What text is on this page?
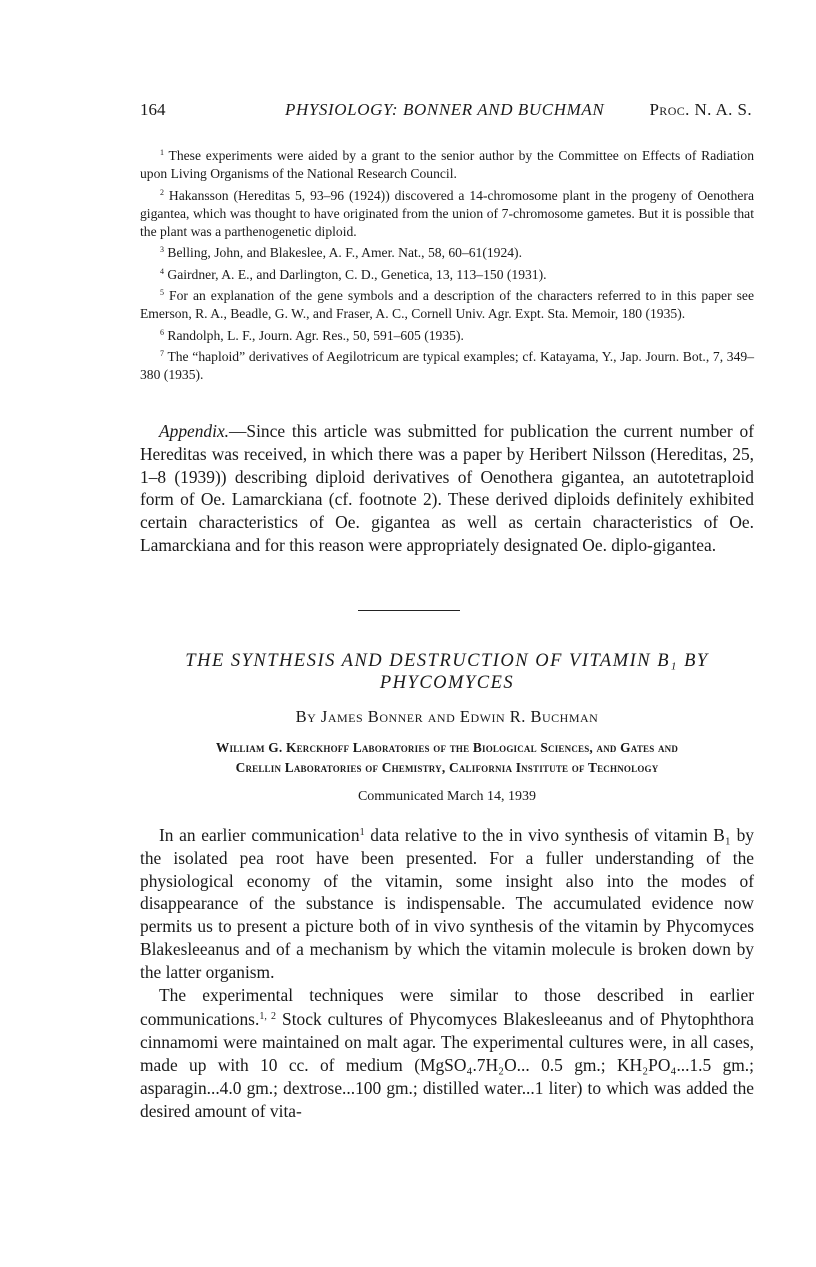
164	PHYSIOLOGY: BONNER AND BUCHMAN	Proc. N. A. S.

$^1$ These experiments were aided by a grant to the senior author by the Committee on Effects of Radiation upon Living Organisms of the National Research Council.

$^2$ Hakansson (Hereditas 5, 93–96 (1924)) discovered a 14-chromosome plant in the progeny of Oenothera gigantea, which was thought to have originated from the union of 7-chromosome gametes. But it is possible that the plant was a parthenogenetic diploid.

$^3$ Belling, John, and Blakeslee, A. F., Amer. Nat., 58, 60–61(1924).

$^4$ Gairdner, A. E., and Darlington, C. D., Genetica, 13, 113–150 (1931).

$^5$ For an explanation of the gene symbols and a description of the characters referred to in this paper see Emerson, R. A., Beadle, G. W., and Fraser, A. C., Cornell Univ. Agr. Expt. Sta. Memoir, 180 (1935).

$^6$ Randolph, L. F., Journ. Agr. Res., 50, 591–605 (1935).

$^7$ The “haploid” derivatives of Aegilotricum are typical examples; cf. Katayama, Y., Jap. Journ. Bot., 7, 349–380 (1935).

Appendix.—Since this article was submitted for publication the current number of Hereditas was received, in which there was a paper by Heribert Nilsson (Hereditas, 25, 1–8 (1939)) describing diploid derivatives of Oenothera gigantea, an autotetraploid form of Oe. Lamarckiana (cf. footnote 2). These derived diploids definitely exhibited certain characteristics of Oe. gigantea as well as certain characteristics of Oe. Lamarckiana and for this reason were appropriately designated Oe. diplo-gigantea.

THE SYNTHESIS AND DESTRUCTION OF VITAMIN B₁ BY
PHYCOMYCES

By James Bonner and Edwin R. Buchman

William G. Kerckhoff Laboratories of the Biological Sciences, and Gates and
Crellin Laboratories of Chemistry, California Institute of Technology

Communicated March 14, 1939

In an earlier communication$^1$ data relative to the in vivo synthesis of vitamin B₁ by the isolated pea root have been presented. For a fuller understanding of the physiological economy of the vitamin, some insight also into the modes of disappearance of the substance is indispensable. The accumulated evidence now permits us to present a picture both of in vivo synthesis of the vitamin by Phycomyces Blakesleeanus and of a mechanism by which the vitamin molecule is broken down by the latter organism.

The experimental techniques were similar to those described in earlier communications.$^{1, 2}$ Stock cultures of Phycomyces Blakesleeanus and of Phytophthora cinnamomi were maintained on malt agar. The experimental cultures were, in all cases, made up with 10 cc. of medium (MgSO₄.7H₂O... 0.5 gm.; KH₂PO₄...1.5 gm.; asparagin...4.0 gm.; dextrose...100 gm.; distilled water...1 liter) to which was added the desired amount of vita-
